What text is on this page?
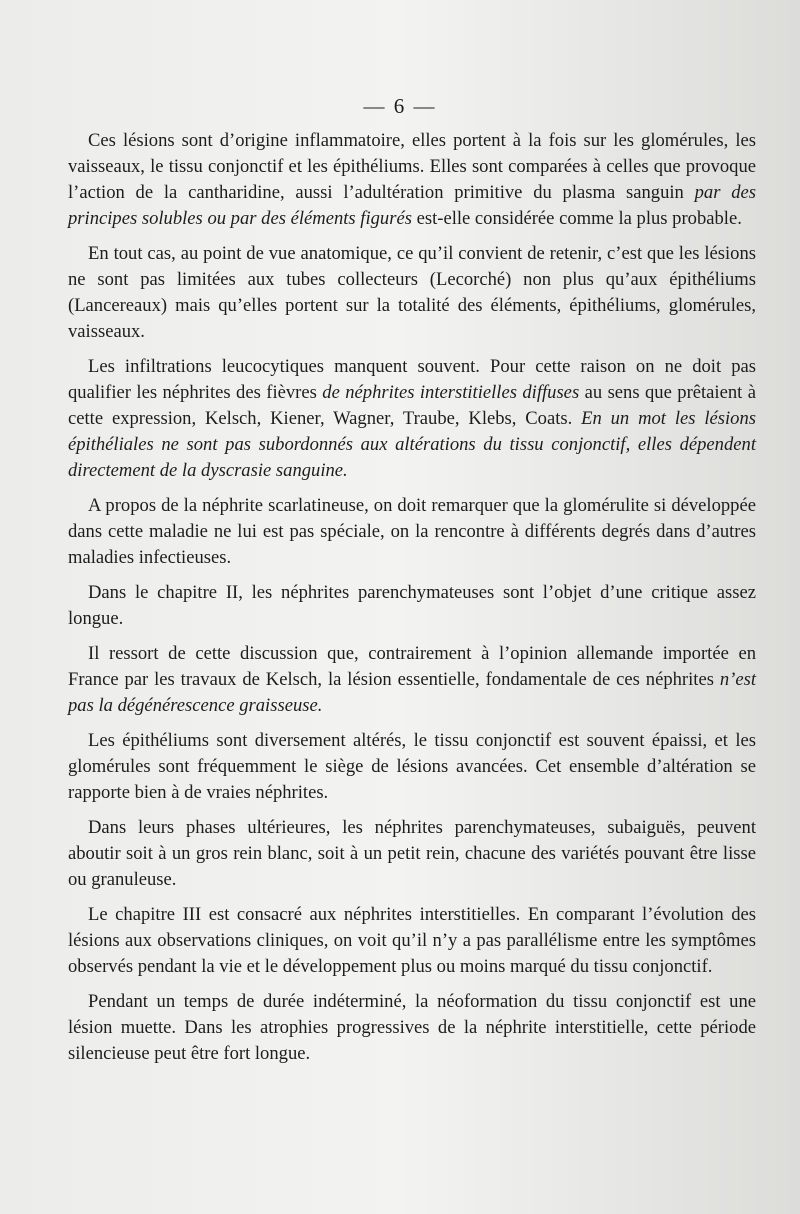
— 6 —

Ces lésions sont d’origine inflammatoire, elles portent à la fois sur les glomérules, les vaisseaux, le tissu conjonctif et les épithéliums. Elles sont comparées à celles que provoque l’action de la cantharidine, aussi l’adultération primitive du plasma sanguin par des principes solubles ou par des éléments figurés est-elle considérée comme la plus probable.

En tout cas, au point de vue anatomique, ce qu’il convient de retenir, c’est que les lésions ne sont pas limitées aux tubes collecteurs (Lecorché) non plus qu’aux épithéliums (Lancereaux) mais qu’elles portent sur la totalité des éléments, épithéliums, glomérules, vaisseaux.

Les infiltrations leucocytiques manquent souvent. Pour cette raison on ne doit pas qualifier les néphrites des fièvres de néphrites interstitielles diffuses au sens que prêtaient à cette expression, Kelsch, Kiener, Wagner, Traube, Klebs, Coats. En un mot les lésions épithéliales ne sont pas subordonnés aux altérations du tissu conjonctif, elles dépendent directement de la dyscrasie sanguine.

A propos de la néphrite scarlatineuse, on doit remarquer que la glomérulite si développée dans cette maladie ne lui est pas spéciale, on la rencontre à différents degrés dans d’autres maladies infectieuses.

Dans le chapitre II, les néphrites parenchymateuses sont l’objet d’une critique assez longue.

Il ressort de cette discussion que, contrairement à l’opinion allemande importée en France par les travaux de Kelsch, la lésion essentielle, fondamentale de ces néphrites n’est pas la dégénérescence graisseuse.

Les épithéliums sont diversement altérés, le tissu conjonctif est souvent épaissi, et les glomérules sont fréquemment le siège de lésions avancées. Cet ensemble d’altération se rapporte bien à de vraies néphrites.

Dans leurs phases ultérieures, les néphrites parenchymateuses, subaiguës, peuvent aboutir soit à un gros rein blanc, soit à un petit rein, chacune des variétés pouvant être lisse ou granuleuse.

Le chapitre III est consacré aux néphrites interstitielles. En comparant l’évolution des lésions aux observations cliniques, on voit qu’il n’y a pas parallélisme entre les symptômes observés pendant la vie et le développement plus ou moins marqué du tissu conjonctif.

Pendant un temps de durée indéterminé, la néoformation du tissu conjonctif est une lésion muette. Dans les atrophies progressives de la néphrite interstitielle, cette période silencieuse peut être fort longue.
